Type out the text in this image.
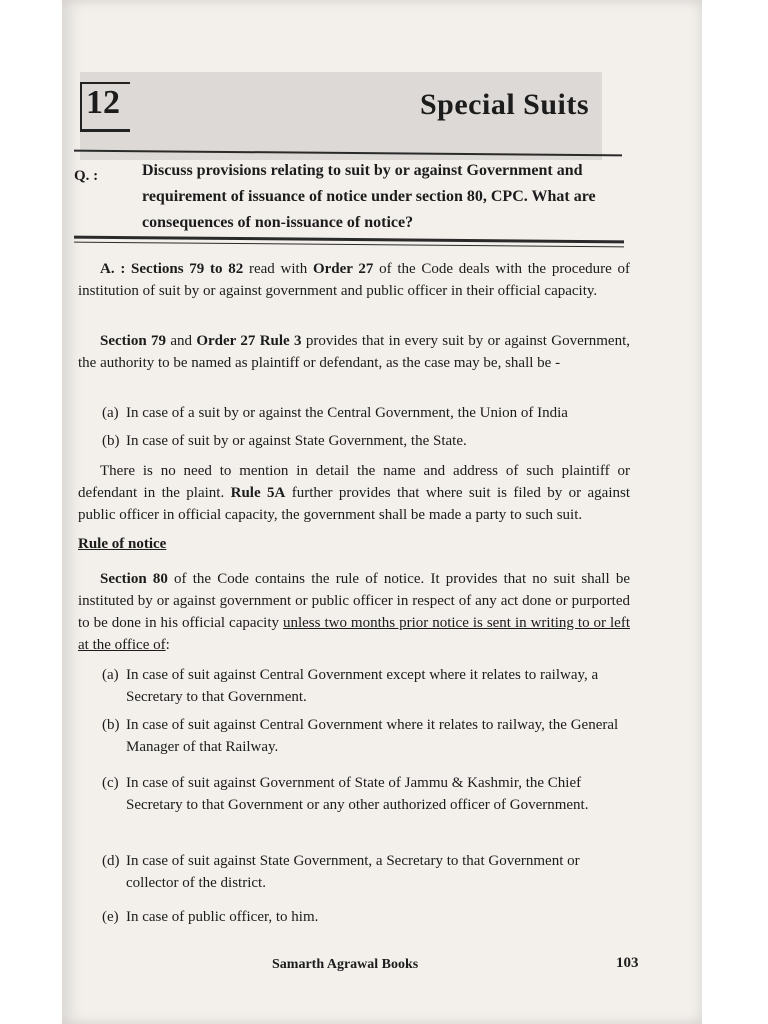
12	Special Suits
Q. :	Discuss provisions relating to suit by or against Government and requirement of issuance of notice under section 80, CPC. What are consequences of non-issuance of notice?
A. : Sections 79 to 82 read with Order 27 of the Code deals with the procedure of institution of suit by or against government and public officer in their official capacity.
Section 79 and Order 27 Rule 3 provides that in every suit by or against Government, the authority to be named as plaintiff or defendant, as the case may be, shall be -
(a) In case of a suit by or against the Central Government, the Union of India
(b) In case of suit by or against State Government, the State.
There is no need to mention in detail the name and address of such plaintiff or defendant in the plaint. Rule 5A further provides that where suit is filed by or against public officer in official capacity, the government shall be made a party to such suit.
Rule of notice
Section 80 of the Code contains the rule of notice. It provides that no suit shall be instituted by or against government or public officer in respect of any act done or purported to be done in his official capacity unless two months prior notice is sent in writing to or left at the office of:
(a) In case of suit against Central Government except where it relates to railway, a Secretary to that Government.
(b) In case of suit against Central Government where it relates to railway, the General Manager of that Railway.
(c) In case of suit against Government of State of Jammu & Kashmir, the Chief Secretary to that Government or any other authorized officer of Government.
(d) In case of suit against State Government, a Secretary to that Government or collector of the district.
(e) In case of public officer, to him.
Samarth Agrawal Books	103
